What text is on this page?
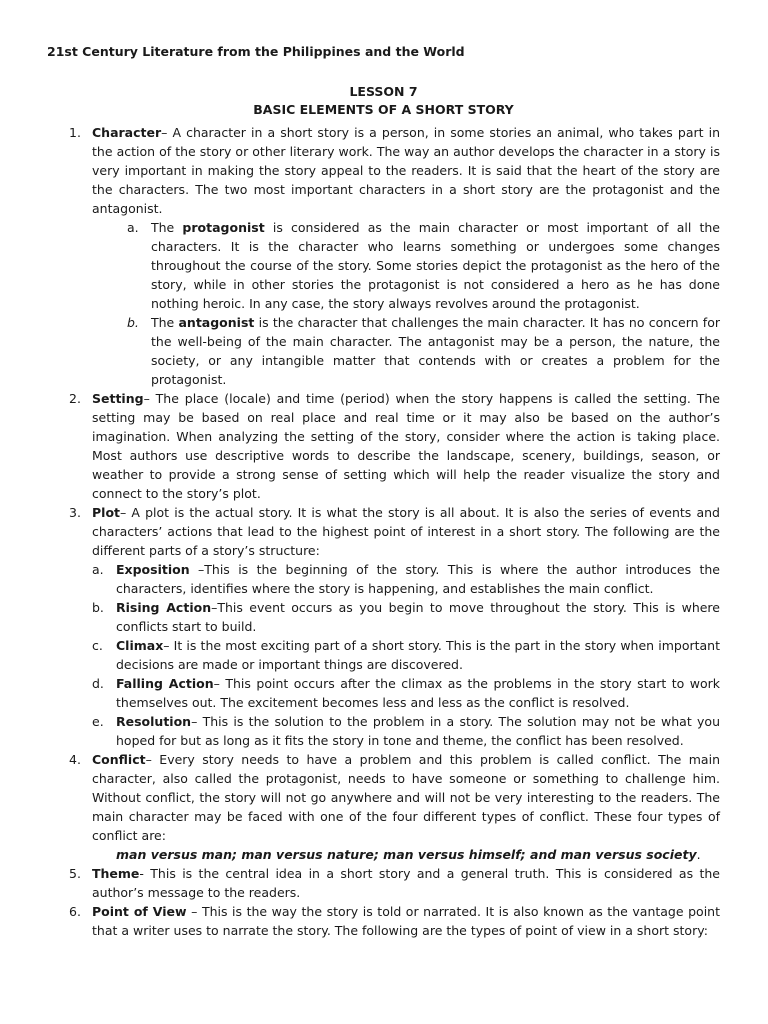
21st Century Literature from the Philippines and the World

LESSON 7

BASIC ELEMENTS OF A SHORT STORY

1. Character– A character in a short story is a person, in some stories an animal, who takes part in the action of the story or other literary work. The way an author develops the character in a story is very important in making the story appeal to the readers. It is said that the heart of the story are the characters. The two most important characters in a short story are the protagonist and the antagonist.
a. The protagonist is considered as the main character or most important of all the characters. It is the character who learns something or undergoes some changes throughout the course of the story. Some stories depict the protagonist as the hero of the story, while in other stories the protagonist is not considered a hero as he has done nothing heroic. In any case, the story always revolves around the protagonist.
b. The antagonist is the character that challenges the main character. It has no concern for the well-being of the main character. The antagonist may be a person, the nature, the society, or any intangible matter that contends with or creates a problem for the protagonist.
2. Setting– The place (locale) and time (period) when the story happens is called the setting. The setting may be based on real place and real time or it may also be based on the author’s imagination. When analyzing the setting of the story, consider where the action is taking place. Most authors use descriptive words to describe the landscape, scenery, buildings, season, or weather to provide a strong sense of setting which will help the reader visualize the story and connect to the story’s plot.
3. Plot– A plot is the actual story. It is what the story is all about. It is also the series of events and characters’ actions that lead to the highest point of interest in a short story. The following are the different parts of a story’s structure:
a. Exposition –This is the beginning of the story. This is where the author introduces the characters, identifies where the story is happening, and establishes the main conflict.
b. Rising Action–This event occurs as you begin to move throughout the story. This is where conflicts start to build.
c. Climax– It is the most exciting part of a short story. This is the part in the story when important decisions are made or important things are discovered.
d. Falling Action– This point occurs after the climax as the problems in the story start to work themselves out. The excitement becomes less and less as the conflict is resolved.
e. Resolution– This is the solution to the problem in a story. The solution may not be what you hoped for but as long as it fits the story in tone and theme, the conflict has been resolved.
4. Conflict– Every story needs to have a problem and this problem is called conflict. The main character, also called the protagonist, needs to have someone or something to challenge him. Without conflict, the story will not go anywhere and will not be very interesting to the readers. The main character may be faced with one of the four different types of conflict. These four types of conflict are:
man versus man; man versus nature; man versus himself; and man versus society.
5. Theme- This is the central idea in a short story and a general truth. This is considered as the author’s message to the readers.
6. Point of View – This is the way the story is told or narrated. It is also known as the vantage point that a writer uses to narrate the story. The following are the types of point of view in a short story:
